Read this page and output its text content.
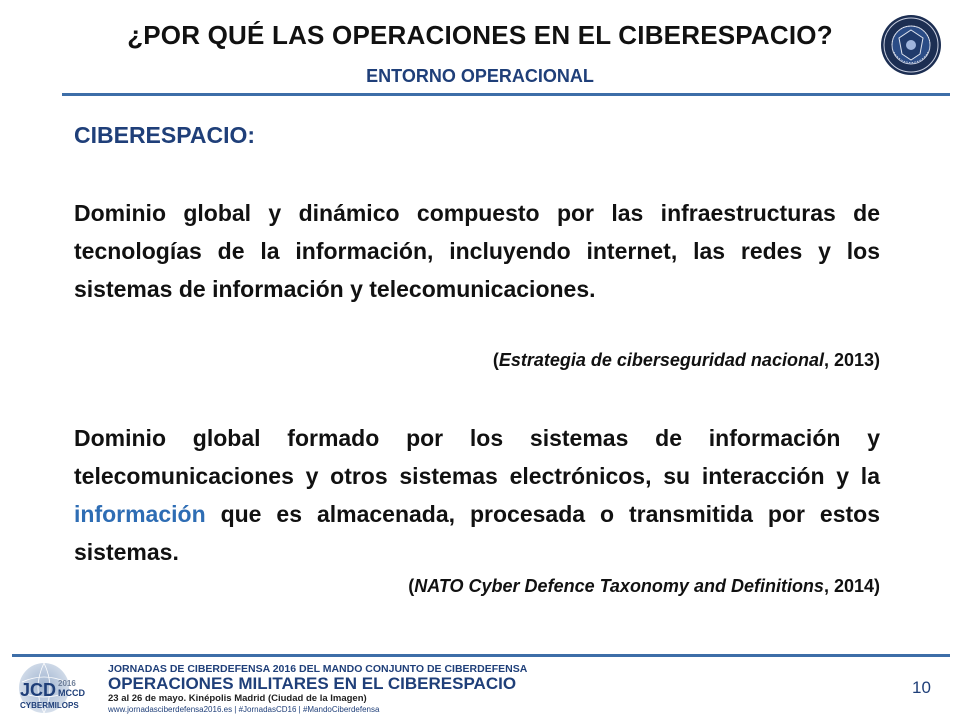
¿POR QUÉ LAS OPERACIONES EN EL CIBERESPACIO?
ENTORNO OPERACIONAL
CIBERESPACIO:

Dominio global y dinámico compuesto por las infraestructuras de tecnologías de la información, incluyendo internet, las redes y los sistemas de información y telecomunicaciones.

(Estrategia de ciberseguridad nacional, 2013)

Dominio global formado por los sistemas de información y telecomunicaciones y otros sistemas electrónicos, su interacción y la información que es almacenada, procesada o transmitida por estos sistemas.

(NATO Cyber Defence Taxonomy and Definitions, 2014)
JCD 2016
MCCD
CYBERMILOPS
JORNADAS DE CIBERDEFENSA 2016 DEL MANDO CONJUNTO DE CIBERDEFENSA
OPERACIONES MILITARES EN EL CIBERESPACIO
23 al 26 de mayo. Kinépolis Madrid (Ciudad de la Imagen)
www.jornadasciberdefensa2016.es | #JornadasCD16 | #MandoCiberdefensa
10
